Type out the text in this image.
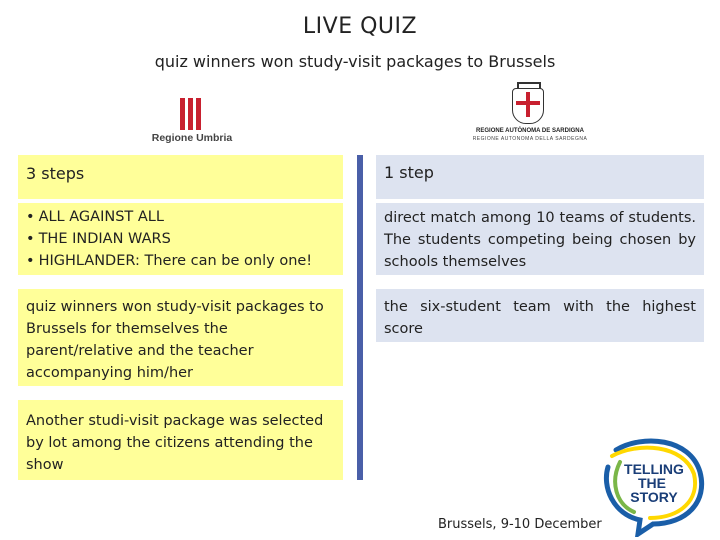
LIVE QUIZ
quiz winners won study-visit packages to Brussels
Regione Umbria
REGIONE AUTÒNOMA DE SARDIGNA
REGIONE AUTONOMA DELLA SARDEGNA
3 steps
• ALL AGAINST ALL
• THE INDIAN WARS
• HIGHLANDER: There can be only one!
quiz winners won study-visit packages to Brussels for themselves the parent/relative and the teacher accompanying him/her
Another studi-visit package was selected by lot among the citizens attending the show
1 step
direct match among 10 teams of students. The students competing being chosen by schools themselves
the six-student team with the highest score
TELLING
THE
STORY
Brussels, 9-10 December
